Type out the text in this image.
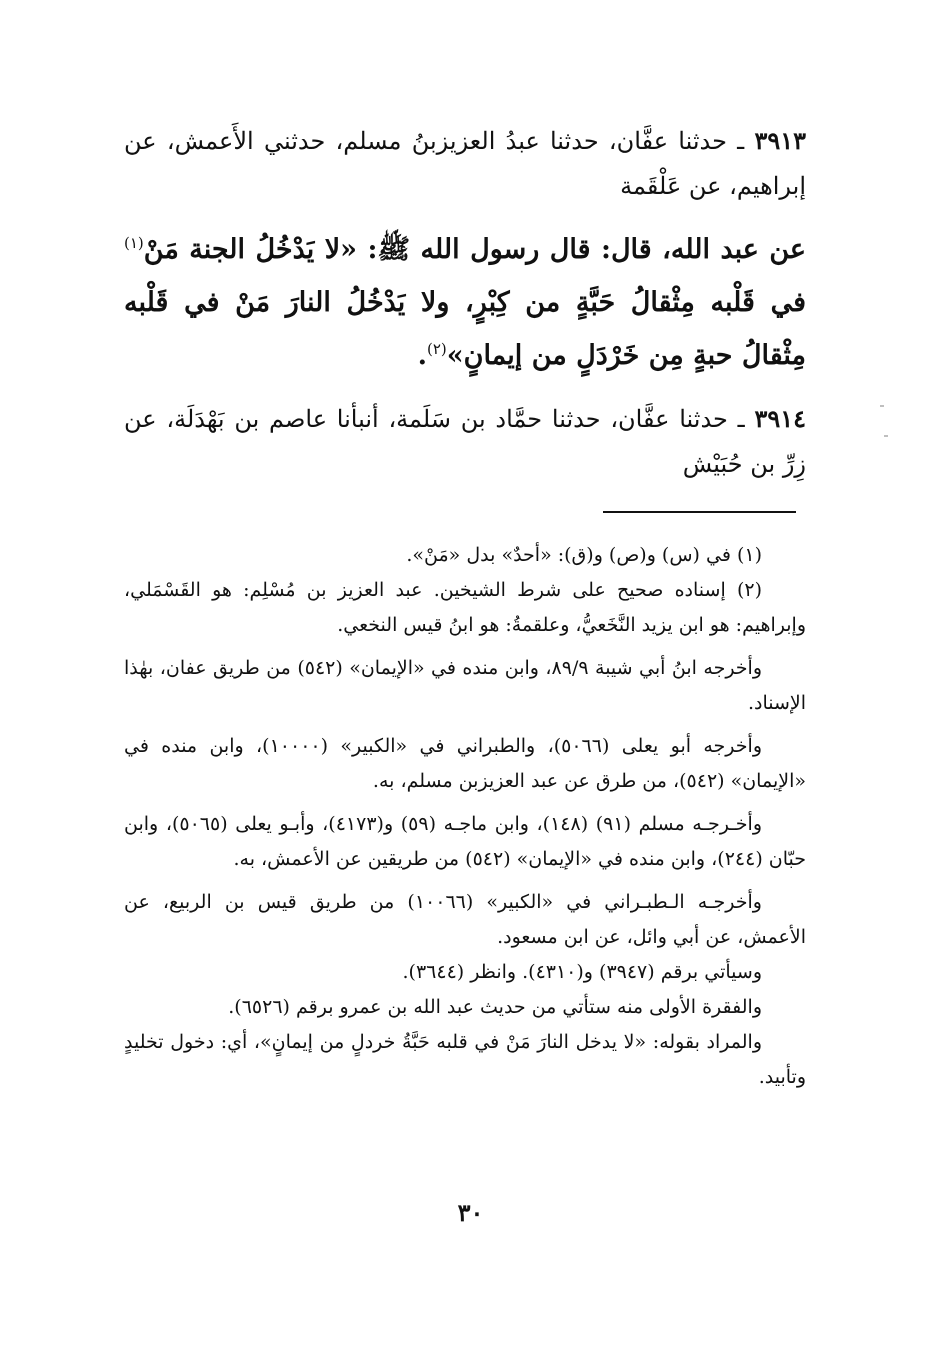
٣٩١٣ ـ حدثنا عفَّان، حدثنا عبدُ العزيزبنُ مسلم، حدثني الأَعمش، عن إبراهيم، عن عَلْقَمة

عن عبد الله، قال: قال رسول الله ﷺ: «لا يَدْخُلُ الجنة مَنْ$^{(١)}$ في قَلْبه مِثْقالُ حَبَّةٍ من كِبْرٍ، ولا يَدْخُلُ النارَ مَنْ في قَلْبه مِثْقالُ حبةٍ مِن خَرْدَلٍ من إيمانٍ»$^{(٢)}$.

٣٩١٤ ـ حدثنا عفَّان، حدثنا حمَّاد بن سَلَمة، أنبأنا عاصم بن بَهْدَلَة، عن زِرِّ بن حُبَيْش

(١) في (س) و(ص) و(ق): «أحدٌ» بدل «مَنْ».

(٢) إسناده صحيح على شرط الشيخين. عبد العزيز بن مُسْلِم: هو القَسْمَلي، وإبراهيم: هو ابن يزيد النَّخَعيُّ، وعلقمةُ: هو ابنُ قيس النخعي.

وأخرجه ابنُ أبي شيبة ٨٩/٩، وابن منده في «الإيمان» (٥٤٢) من طريق عفان، بهٰذا الإسناد.

وأخرجه أبو يعلى (٥٠٦٦)، والطبراني في «الكبير» (١٠٠٠٠)، وابن منده في «الإيمان» (٥٤٢)، من طرق عن عبد العزيزبن مسلم، به.

وأخـرجـه مسلم (٩١) (١٤٨)، وابن ماجـه (٥٩) و(٤١٧٣)، وأبـو يعلى (٥٠٦٥)، وابن حبّان (٢٤٤)، وابن منده في «الإيمان» (٥٤٢) من طريقين عن الأعمش، به.

وأخرجـه الـطبـراني في «الكبير» (١٠٠٦٦) من طريق قيس بن الربيع، عن الأعمش، عن أبي وائل، عن ابن مسعود.

وسيأتي برقم (٣٩٤٧) و(٤٣١٠). وانظر (٣٦٤٤).

والفقرة الأولى منه ستأتي من حديث عبد الله بن عمرو برقم (٦٥٢٦).

والمراد بقوله: «لا يدخل النارَ مَنْ في قلبه حَبَّةُ خردلٍ من إيمانٍ»، أي: دخول تخليدٍ وتأبيد.

٣٠
